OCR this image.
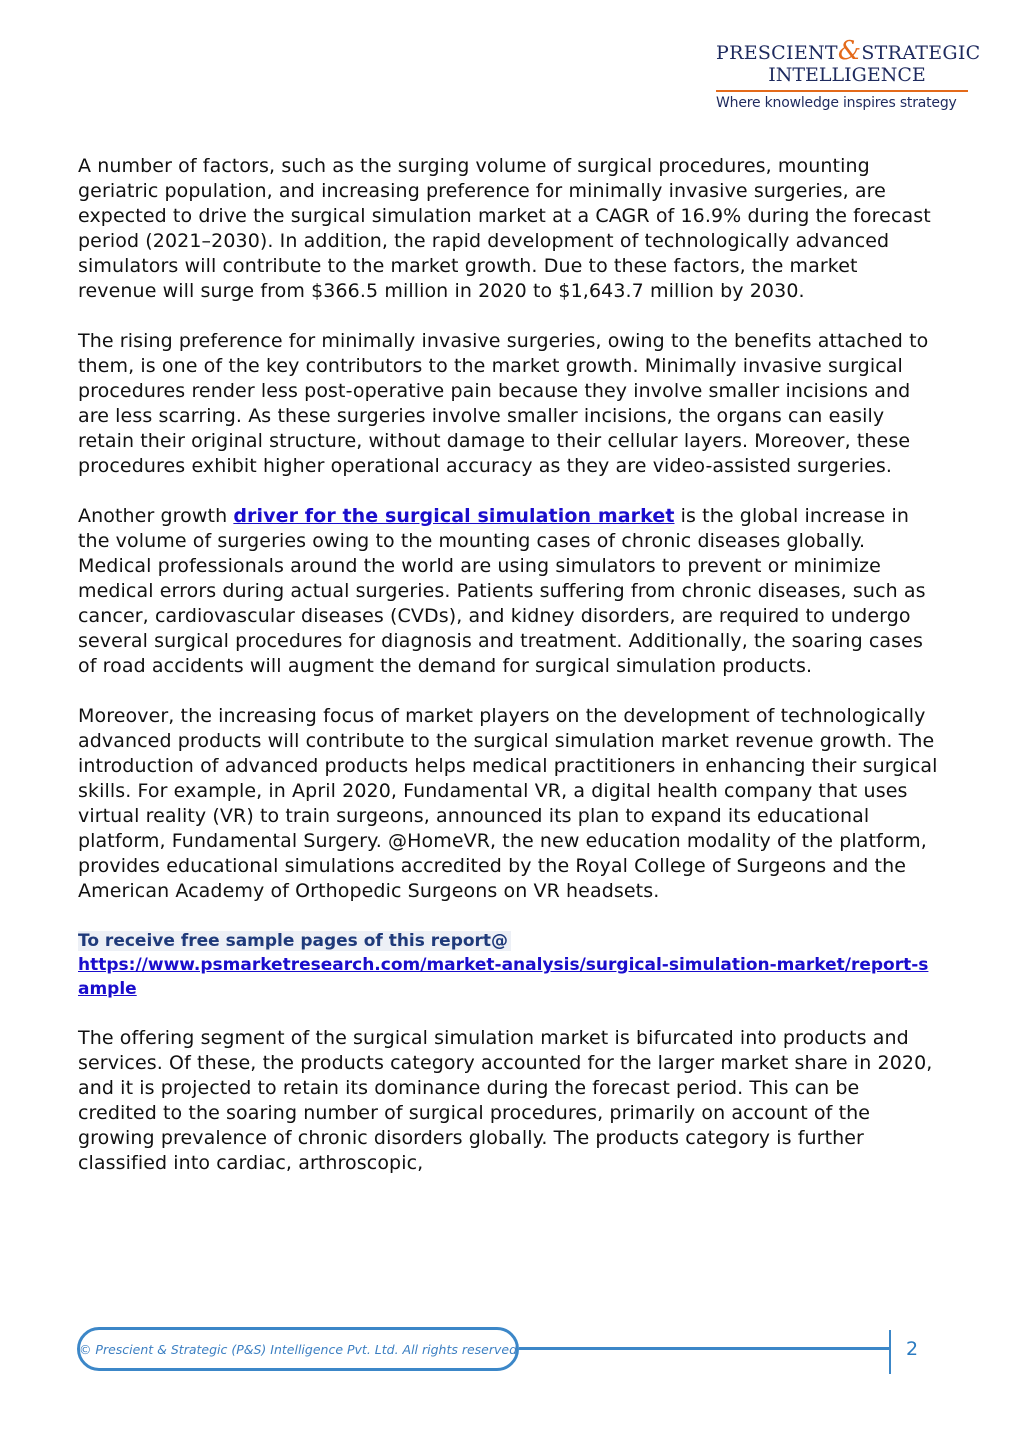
PRESCIENT&STRATEGIC
INTELLIGENCE
Where knowledge inspires strategy

A number of factors, such as the surging volume of surgical procedures, mounting geriatric population, and increasing preference for minimally invasive surgeries, are expected to drive the surgical simulation market at a CAGR of 16.9% during the forecast period (2021–2030). In addition, the rapid development of technologically advanced simulators will contribute to the market growth. Due to these factors, the market revenue will surge from $366.5 million in 2020 to $1,643.7 million by 2030.

The rising preference for minimally invasive surgeries, owing to the benefits attached to them, is one of the key contributors to the market growth. Minimally invasive surgical procedures render less post-operative pain because they involve smaller incisions and are less scarring. As these surgeries involve smaller incisions, the organs can easily retain their original structure, without damage to their cellular layers. Moreover, these procedures exhibit higher operational accuracy as they are video-assisted surgeries.

Another growth driver for the surgical simulation market is the global increase in the volume of surgeries owing to the mounting cases of chronic diseases globally. Medical professionals around the world are using simulators to prevent or minimize medical errors during actual surgeries. Patients suffering from chronic diseases, such as cancer, cardiovascular diseases (CVDs), and kidney disorders, are required to undergo several surgical procedures for diagnosis and treatment. Additionally, the soaring cases of road accidents will augment the demand for surgical simulation products.

Moreover, the increasing focus of market players on the development of technologically advanced products will contribute to the surgical simulation market revenue growth. The introduction of advanced products helps medical practitioners in enhancing their surgical skills. For example, in April 2020, Fundamental VR, a digital health company that uses virtual reality (VR) to train surgeons, announced its plan to expand its educational platform, Fundamental Surgery. @HomeVR, the new education modality of the platform, provides educational simulations accredited by the Royal College of Surgeons and the American Academy of Orthopedic Surgeons on VR headsets.

To receive free sample pages of this report@
https://www.psmarketresearch.com/market-analysis/surgical-simulation-market/report-sample

The offering segment of the surgical simulation market is bifurcated into products and services. Of these, the products category accounted for the larger market share in 2020, and it is projected to retain its dominance during the forecast period. This can be credited to the soaring number of surgical procedures, primarily on account of the growing prevalence of chronic disorders globally. The products category is further classified into cardiac, arthroscopic,

© Prescient & Strategic (P&S) Intelligence Pvt. Ltd. All rights reserved	2
